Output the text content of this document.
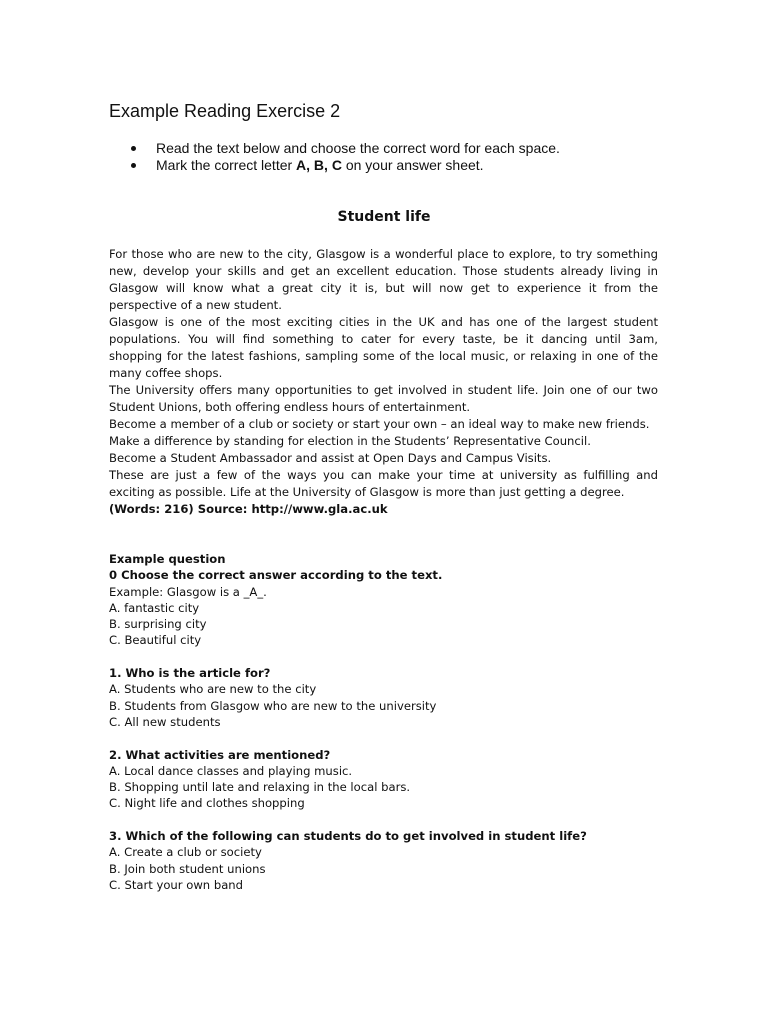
Example Reading Exercise 2
Read the text below and choose the correct word for each space.
Mark the correct letter A, B, C on your answer sheet.
Student life

For those who are new to the city, Glasgow is a wonderful place to explore, to try something new, develop your skills and get an excellent education. Those students already living in Glasgow will know what a great city it is, but will now get to experience it from the perspective of a new student.

Glasgow is one of the most exciting cities in the UK and has one of the largest student populations. You will find something to cater for every taste, be it dancing until 3am, shopping for the latest fashions, sampling some of the local music, or relaxing in one of the many coffee shops.

The University offers many opportunities to get involved in student life. Join one of our two Student Unions, both offering endless hours of entertainment.

Become a member of a club or society or start your own – an ideal way to make new friends.

Make a difference by standing for election in the Students’ Representative Council.

Become a Student Ambassador and assist at Open Days and Campus Visits.

These are just a few of the ways you can make your time at university as fulfilling and exciting as possible. Life at the University of Glasgow is more than just getting a degree.

(Words: 216) Source: http://www.gla.ac.uk

Example question
0 Choose the correct answer according to the text.
Example: Glasgow is a _A_.
A. fantastic city
B. surprising city
C. Beautiful city
1. Who is the article for?
A. Students who are new to the city
B. Students from Glasgow who are new to the university
C. All new students
2. What activities are mentioned?
A. Local dance classes and playing music.
B. Shopping until late and relaxing in the local bars.
C. Night life and clothes shopping
3. Which of the following can students do to get involved in student life?
A. Create a club or society
B. Join both student unions
C. Start your own band
